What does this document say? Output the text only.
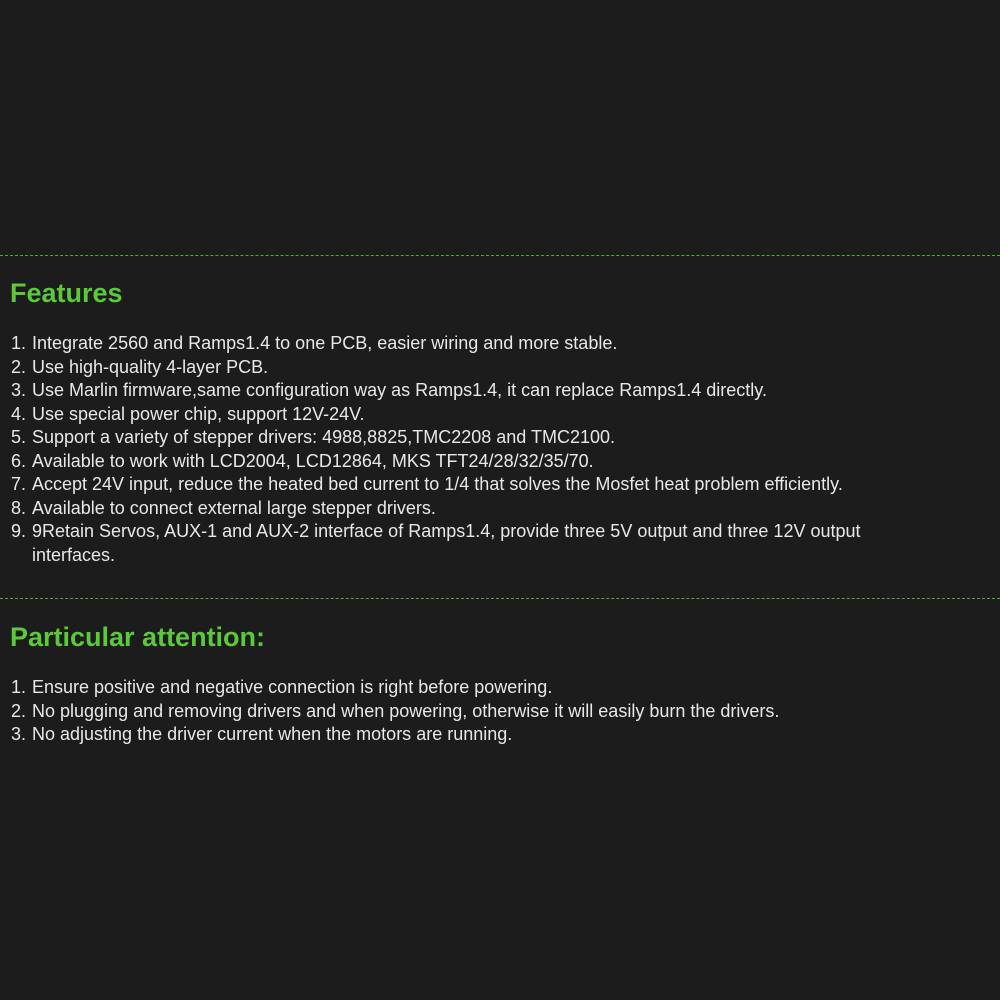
Features
1. Integrate 2560 and Ramps1.4 to one PCB, easier wiring and more stable.
2. Use high-quality 4-layer PCB.
3. Use Marlin firmware,same configuration way as Ramps1.4, it can replace Ramps1.4 directly.
4. Use special power chip, support 12V-24V.
5. Support a variety of stepper drivers: 4988,8825,TMC2208 and TMC2100.
6. Available to work with LCD2004, LCD12864, MKS TFT24/28/32/35/70.
7. Accept 24V input, reduce the heated bed current to 1/4 that solves the Mosfet heat problem efficiently.
8. Available to connect external large stepper drivers.
9. 9Retain Servos, AUX-1 and AUX-2 interface of Ramps1.4, provide three 5V output and three 12V output interfaces.
Particular attention:
1. Ensure positive and negative connection is right before powering.
2. No plugging and removing drivers and when powering, otherwise it will easily burn the drivers.
3. No adjusting the driver current when the motors are running.
